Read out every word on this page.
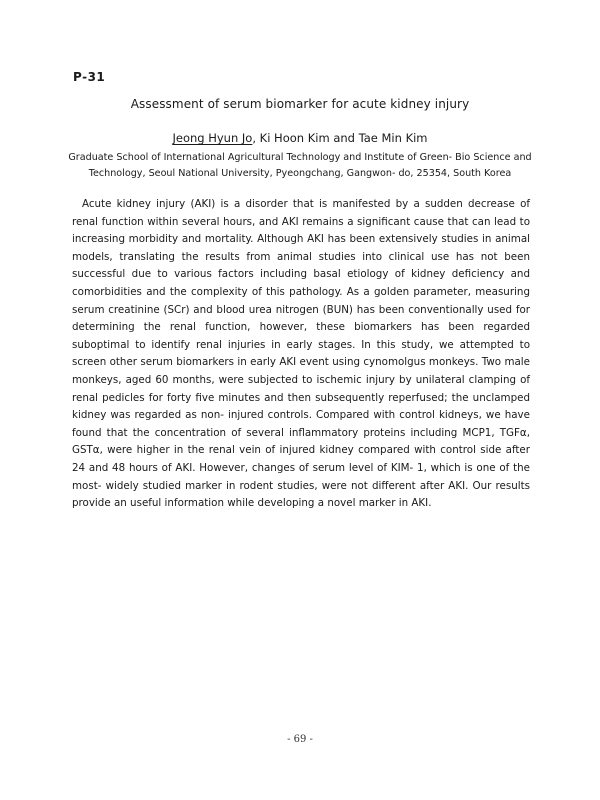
P-31
Assessment of serum biomarker for acute kidney injury
Jeong Hyun Jo, Ki Hoon Kim and Tae Min Kim
Graduate School of International Agricultural Technology and Institute of Green- Bio Science and Technology, Seoul National University, Pyeongchang, Gangwon- do, 25354, South Korea
Acute kidney injury (AKI) is a disorder that is manifested by a sudden decrease of renal function within several hours, and AKI remains a significant cause that can lead to increasing morbidity and mortality. Although AKI has been extensively studies in animal models, translating the results from animal studies into clinical use has not been successful due to various factors including basal etiology of kidney deficiency and comorbidities and the complexity of this pathology. As a golden parameter, measuring serum creatinine (SCr) and blood urea nitrogen (BUN) has been conventionally used for determining the renal function, however, these biomarkers has been regarded suboptimal to identify renal injuries in early stages. In this study, we attempted to screen other serum biomarkers in early AKI event using cynomolgus monkeys. Two male monkeys, aged 60 months, were subjected to ischemic injury by unilateral clamping of renal pedicles for forty five minutes and then subsequently reperfused; the unclamped kidney was regarded as non- injured controls. Compared with control kidneys, we have found that the concentration of several inflammatory proteins including MCP1, TGFα, GSTα, were higher in the renal vein of injured kidney compared with control side after 24 and 48 hours of AKI. However, changes of serum level of KIM- 1, which is one of the most- widely studied marker in rodent studies, were not different after AKI. Our results provide an useful information while developing a novel marker in AKI.
- 69 -
